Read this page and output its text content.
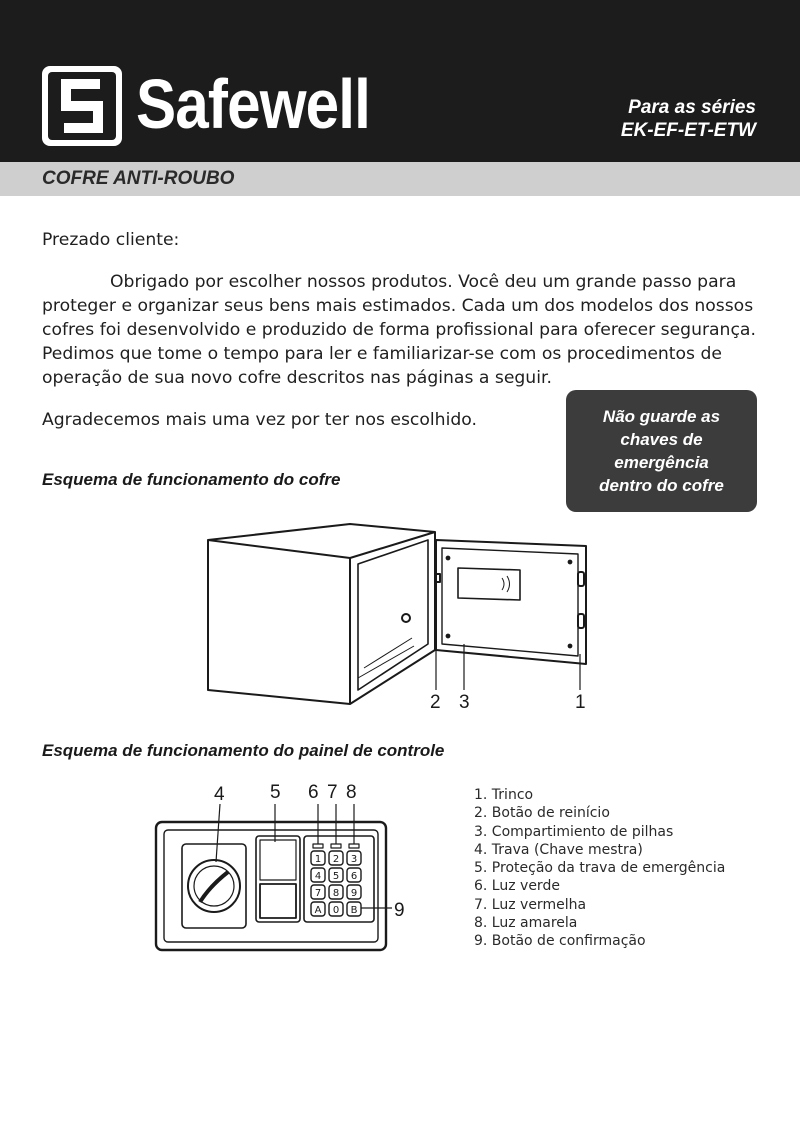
Safewell	Para as séries
EK-EF-ET-ETW
COFRE ANTI-ROUBO
Prezado cliente:
Obrigado por escolher nossos produtos. Você deu um grande passo para proteger e organizar seus bens mais estimados. Cada um dos modelos dos nossos cofres foi desenvolvido e produzido de forma profissional para oferecer segurança. Pedimos que tome o tempo para ler e familiarizar-se com os procedimentos de operação de sua novo cofre descritos nas páginas a seguir.
Agradecemos mais uma vez por ter nos escolhido.	Não guarde as chaves de emergência dentro do cofre
Esquema de funcionamento do cofre
2 3	1
Esquema de funcionamento do painel de controle
1 2 3
4 5 6
7 8 9
A 0 B
4 5 6 7 8
9
1. Trinco
2. Botão de reinício
3. Compartimiento de pilhas
4. Trava (Chave mestra)
5. Proteção da trava de emergência
6. Luz verde
7. Luz vermelha
8. Luz amarela
9. Botão de confirmação
